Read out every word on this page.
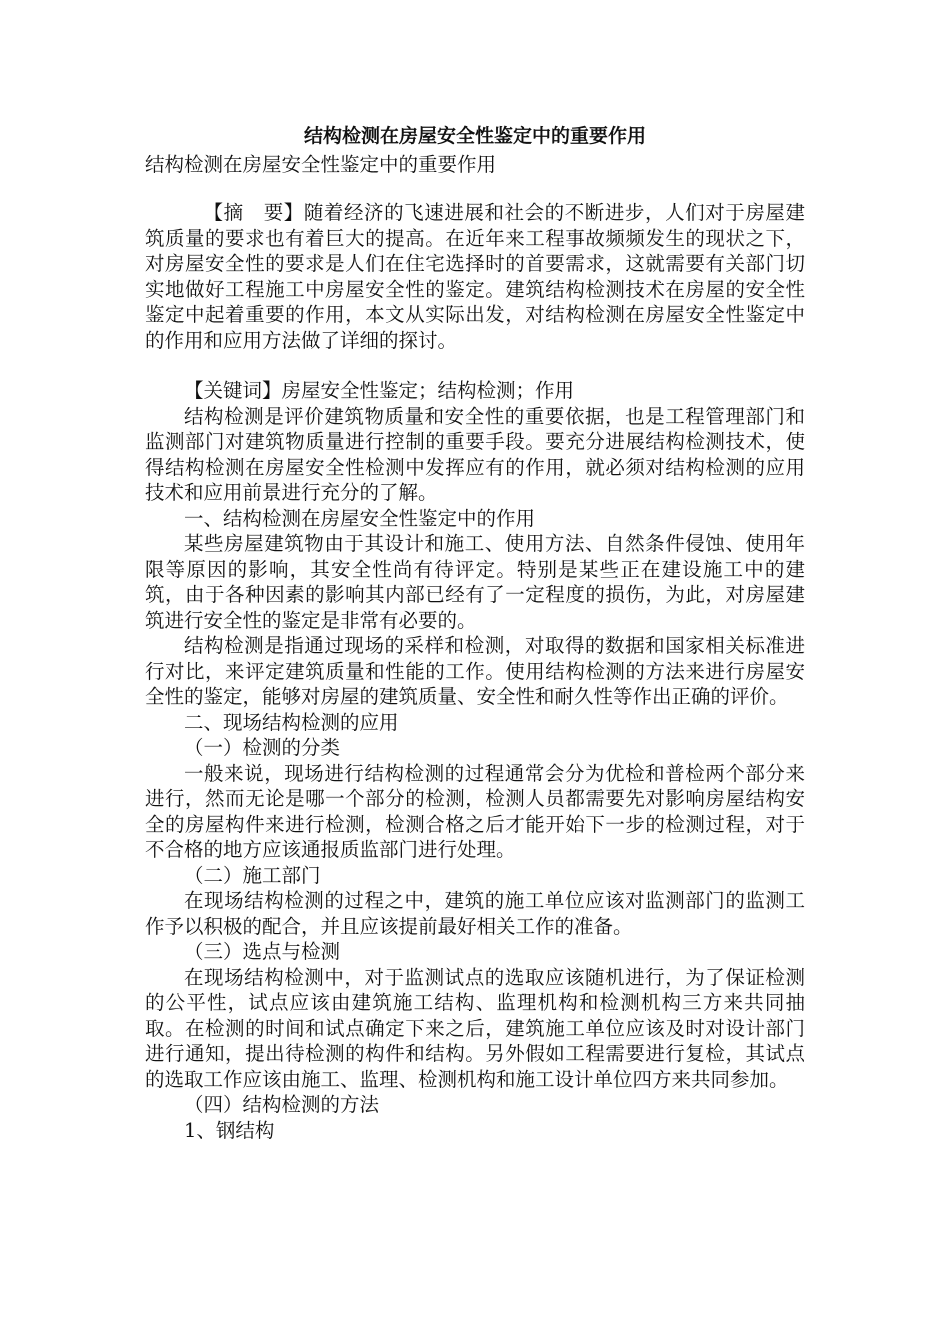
结构检测在房屋安全性鉴定中的重要作用

结构检测在房屋安全性鉴定中的重要作用

【摘　要】随着经济的飞速进展和社会的不断进步，人们对于房屋建筑质量的要求也有着巨大的提高。在近年来工程事故频频发生的现状之下，对房屋安全性的要求是人们在住宅选择时的首要需求，这就需要有关部门切实地做好工程施工中房屋安全性的鉴定。建筑结构检测技术在房屋的安全性鉴定中起着重要的作用，本文从实际出发，对结构检测在房屋安全性鉴定中的作用和应用方法做了详细的探讨。

【关键词】房屋安全性鉴定；结构检测；作用

结构检测是评价建筑物质量和安全性的重要依据，也是工程管理部门和监测部门对建筑物质量进行控制的重要手段。要充分进展结构检测技术，使得结构检测在房屋安全性检测中发挥应有的作用，就必须对结构检测的应用技术和应用前景进行充分的了解。

一、结构检测在房屋安全性鉴定中的作用

某些房屋建筑物由于其设计和施工、使用方法、自然条件侵蚀、使用年限等原因的影响，其安全性尚有待评定。特别是某些正在建设施工中的建筑，由于各种因素的影响其内部已经有了一定程度的损伤，为此，对房屋建筑进行安全性的鉴定是非常有必要的。

结构检测是指通过现场的采样和检测，对取得的数据和国家相关标准进行对比，来评定建筑质量和性能的工作。使用结构检测的方法来进行房屋安全性的鉴定，能够对房屋的建筑质量、安全性和耐久性等作出正确的评价。

二、现场结构检测的应用

（一）检测的分类

一般来说，现场进行结构检测的过程通常会分为优检和普检两个部分来进行，然而无论是哪一个部分的检测，检测人员都需要先对影响房屋结构安全的房屋构件来进行检测，检测合格之后才能开始下一步的检测过程，对于不合格的地方应该通报质监部门进行处理。

（二）施工部门

在现场结构检测的过程之中，建筑的施工单位应该对监测部门的监测工作予以积极的配合，并且应该提前最好相关工作的准备。

（三）选点与检测

在现场结构检测中，对于监测试点的选取应该随机进行，为了保证检测的公平性，试点应该由建筑施工结构、监理机构和检测机构三方来共同抽取。在检测的时间和试点确定下来之后，建筑施工单位应该及时对设计部门进行通知，提出待检测的构件和结构。另外假如工程需要进行复检，其试点的选取工作应该由施工、监理、检测机构和施工设计单位四方来共同参加。

（四）结构检测的方法

1、钢结构
